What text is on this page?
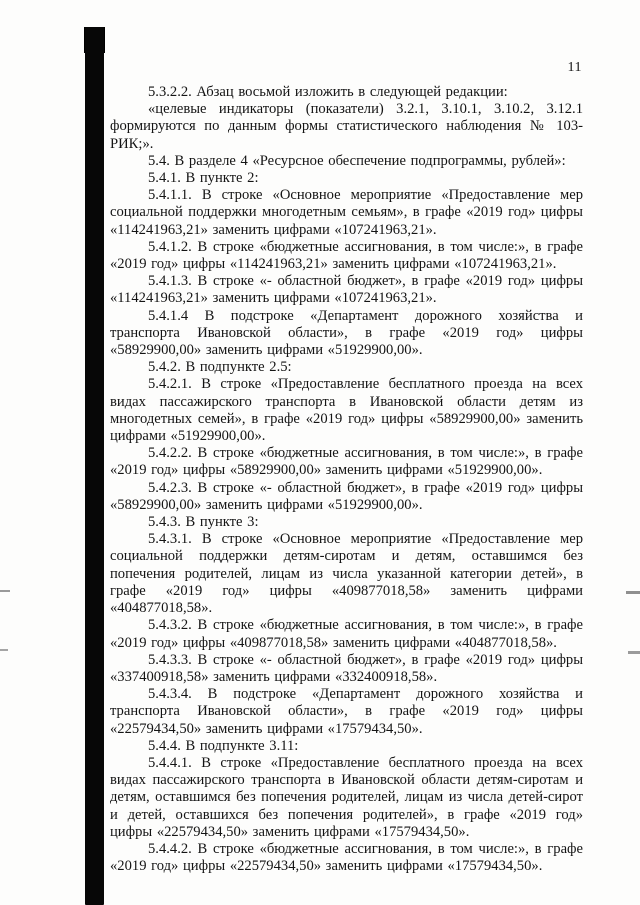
11

5.3.2.2. Абзац восьмой изложить в следующей редакции:

«целевые индикаторы (показатели) 3.2.1, 3.10.1, 3.10.2, 3.12.1 формируются по данным формы статистического наблюдения № 103-РИК;».

5.4. В разделе 4 «Ресурсное обеспечение подпрограммы, рублей»:

5.4.1. В пункте 2:

5.4.1.1. В строке «Основное мероприятие «Предоставление мер социальной поддержки многодетным семьям», в графе «2019 год» цифры «114241963,21» заменить цифрами «107241963,21».

5.4.1.2. В строке «бюджетные ассигнования, в том числе:», в графе «2019 год» цифры «114241963,21» заменить цифрами «107241963,21».

5.4.1.3. В строке «- областной бюджет», в графе «2019 год» цифры «114241963,21» заменить цифрами «107241963,21».

5.4.1.4 В подстроке «Департамент дорожного хозяйства и транспорта Ивановской области», в графе «2019 год» цифры «58929900,00» заменить цифрами «51929900,00».

5.4.2. В подпункте 2.5:

5.4.2.1. В строке «Предоставление бесплатного проезда на всех видах пассажирского транспорта в Ивановской области детям из многодетных семей», в графе «2019 год» цифры «58929900,00» заменить цифрами «51929900,00».

5.4.2.2. В строке «бюджетные ассигнования, в том числе:», в графе «2019 год» цифры «58929900,00» заменить цифрами «51929900,00».

5.4.2.3. В строке «- областной бюджет», в графе «2019 год» цифры «58929900,00» заменить цифрами «51929900,00».

5.4.3. В пункте 3:

5.4.3.1. В строке «Основное мероприятие «Предоставление мер социальной поддержки детям-сиротам и детям, оставшимся без попечения родителей, лицам из числа указанной категории детей», в графе «2019 год» цифры «409877018,58» заменить цифрами «404877018,58».

5.4.3.2. В строке «бюджетные ассигнования, в том числе:», в графе «2019 год» цифры «409877018,58» заменить цифрами «404877018,58».

5.4.3.3. В строке «- областной бюджет», в графе «2019 год» цифры «337400918,58» заменить цифрами «332400918,58».

5.4.3.4. В подстроке «Департамент дорожного хозяйства и транспорта Ивановской области», в графе «2019 год» цифры «22579434,50» заменить цифрами «17579434,50».

5.4.4. В подпункте 3.11:

5.4.4.1. В строке «Предоставление бесплатного проезда на всех видах пассажирского транспорта в Ивановской области детям-сиротам и детям, оставшимся без попечения родителей, лицам из числа детей-сирот и детей, оставшихся без попечения родителей», в графе «2019 год» цифры «22579434,50» заменить цифрами «17579434,50».

5.4.4.2. В строке «бюджетные ассигнования, в том числе:», в графе «2019 год» цифры «22579434,50» заменить цифрами «17579434,50».
